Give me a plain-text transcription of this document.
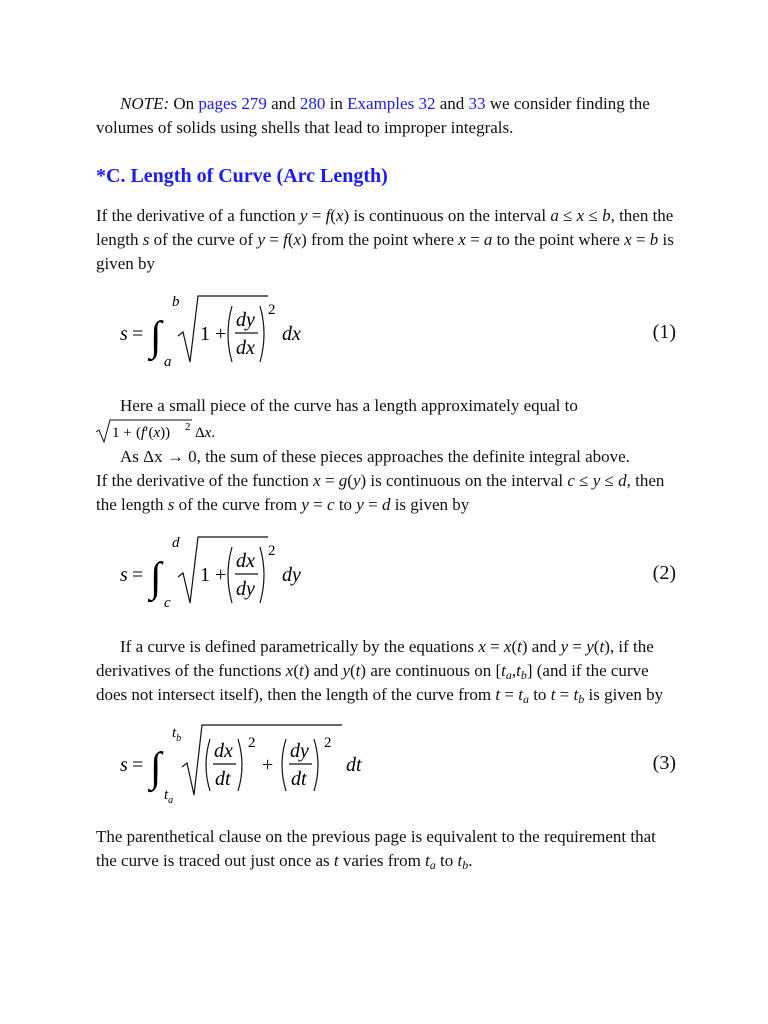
NOTE: On pages 279 and 280 in Examples 32 and 33 we consider finding the volumes of solids using shells that lead to improper integrals.

*C. Length of Curve (Arc Length)

If the derivative of a function y = f(x) is continuous on the interval a ≤ x ≤ b, then the length s of the curve of y = f(x) from the point where x = a to the point where x = b is given by

s = ∫
b
a
1 +
dy
dx
2
dx	(1)

Here a small piece of the curve has a length approximately equal to

1 + (f′(x)) 2 Δx.

As Δx → 0, the sum of these pieces approaches the definite integral above.

If the derivative of the function x = g(y) is continuous on the interval c ≤ y ≤ d, then the length s of the curve from y = c to y = d is given by

s = ∫
d
c
1 +
dx
dy
2
dy	(2)

If a curve is defined parametrically by the equations x = x(t) and y = y(t), if the derivatives of the functions x(t) and y(t) are continuous on $[t_a,t_b]$ (and if the curve does not intersect itself), then the length of the curve from $t = t_a$ to $t = t_b$ is given by

s = ∫
$t_b$
$t_a$
dx
dt
2
+
dy
dt
2
dt	(3)

The parenthetical clause on the previous page is equivalent to the requirement that the curve is traced out just once as t varies from $t_a$ to $t_b$.
